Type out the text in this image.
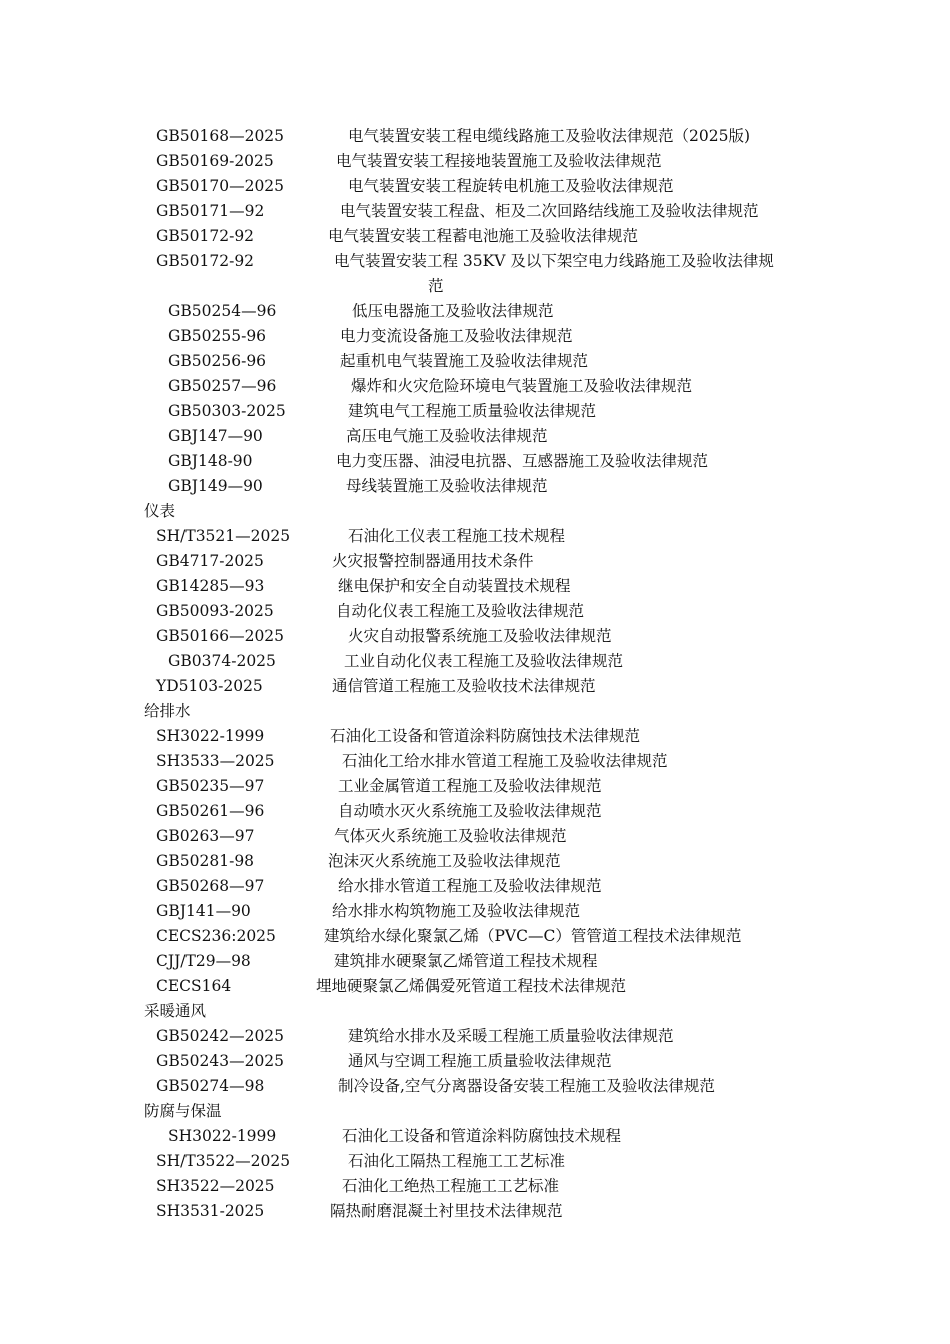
GB50168—2025	电气装置安装工程电缆线路施工及验收法律规范（2025版)
GB50169-2025	电气装置安装工程接地装置施工及验收法律规范
GB50170—2025	电气装置安装工程旋转电机施工及验收法律规范
GB50171—92	电气装置安装工程盘、柜及二次回路结线施工及验收法律规范
GB50172-92	电气装置安装工程蓄电池施工及验收法律规范
GB50172-92	电气装置安装工程 35KV 及以下架空电力线路施工及验收法律规
范
GB50254—96	低压电器施工及验收法律规范
GB50255-96	电力变流设备施工及验收法律规范
GB50256-96	起重机电气装置施工及验收法律规范
GB50257—96	爆炸和火灾危险环境电气装置施工及验收法律规范
GB50303-2025	建筑电气工程施工质量验收法律规范
GBJ147—90	高压电气施工及验收法律规范
GBJ148-90	电力变压器、油浸电抗器、互感器施工及验收法律规范
GBJ149—90	母线装置施工及验收法律规范
仪表
SH/T3521—2025	石油化工仪表工程施工技术规程
GB4717-2025	火灾报警控制器通用技术条件
GB14285—93	继电保护和安全自动装置技术规程
GB50093-2025	自动化仪表工程施工及验收法律规范
GB50166—2025	火灾自动报警系统施工及验收法律规范
GB0374-2025	工业自动化仪表工程施工及验收法律规范
YD5103-2025	通信管道工程施工及验收技术法律规范
给排水
SH3022-1999	石油化工设备和管道涂料防腐蚀技术法律规范
SH3533—2025	石油化工给水排水管道工程施工及验收法律规范
GB50235—97	工业金属管道工程施工及验收法律规范
GB50261—96	自动喷水灭火系统施工及验收法律规范
GB0263—97	气体灭火系统施工及验收法律规范
GB50281-98	泡沫灭火系统施工及验收法律规范
GB50268—97	给水排水管道工程施工及验收法律规范
GBJ141—90	给水排水构筑物施工及验收法律规范
CECS236:2025	建筑给水绿化聚氯乙烯（PVC—C）管管道工程技术法律规范
CJJ/T29—98	建筑排水硬聚氯乙烯管道工程技术规程
CECS164	埋地硬聚氯乙烯偶爱死管道工程技术法律规范
采暖通风
GB50242—2025	建筑给水排水及采暖工程施工质量验收法律规范
GB50243—2025	通风与空调工程施工质量验收法律规范
GB50274—98	制冷设备,空气分离器设备安装工程施工及验收法律规范
防腐与保温
SH3022-1999	石油化工设备和管道涂料防腐蚀技术规程
SH/T3522—2025	石油化工隔热工程施工工艺标准
SH3522—2025	石油化工绝热工程施工工艺标准
SH3531-2025	隔热耐磨混凝土衬里技术法律规范
